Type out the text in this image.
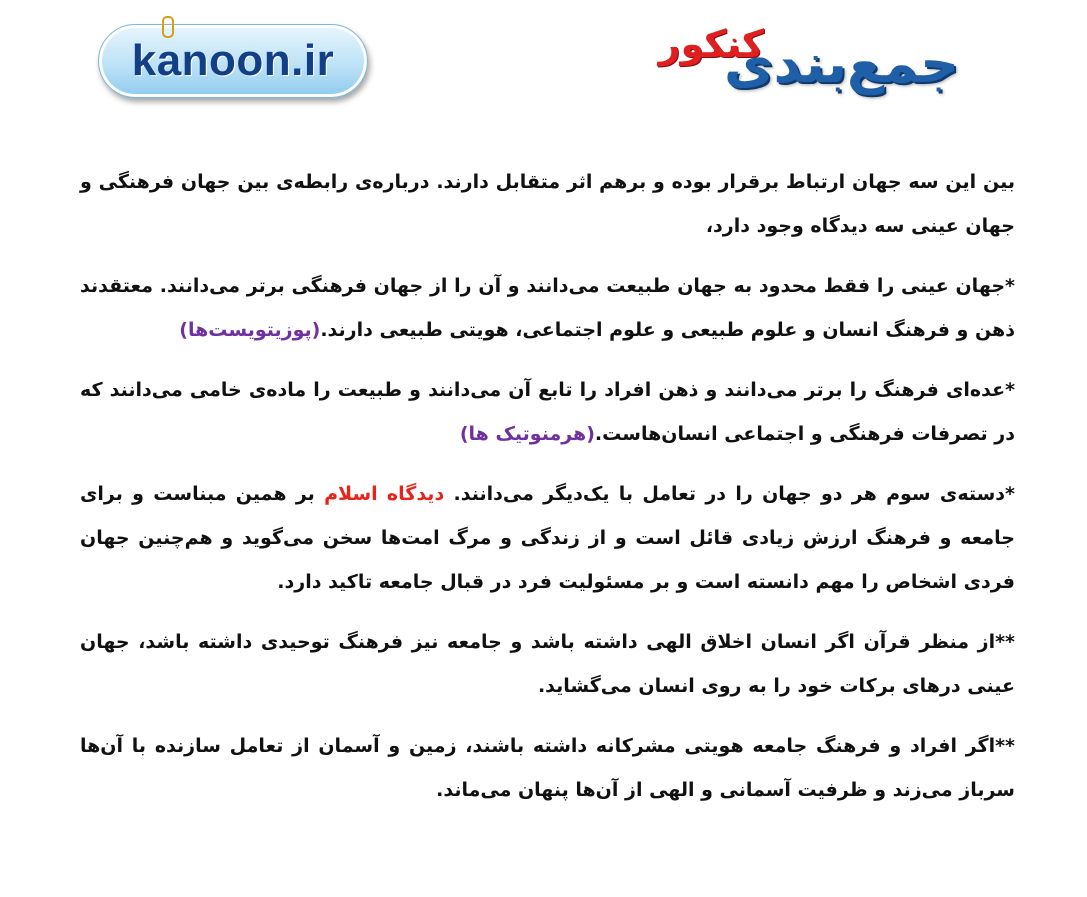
kanoon.ir	جمع‌بندی
کنکور

بین این سه جهان ارتباط برقرار بوده و برهم اثر متقابل دارند. درباره‌ی رابطه‌ی بین جهان فرهنگی و جهان عینی سه دیدگاه وجود دارد،

*جهان عینی را فقط محدود به جهان طبیعت می‌دانند و آن را از جهان فرهنگی برتر می‌دانند. معتقدند ذهن و فرهنگ انسان و علوم طبیعی و علوم اجتماعی، هویتی طبیعی دارند.(پوزیتویست‌ها)

*عده‌ای فرهنگ را برتر می‌دانند و ذهن افراد را تابع آن می‌دانند و طبیعت را ماده‌ی خامی می‌دانند که در تصرفات فرهنگی و اجتماعی انسان‌هاست.(هرمنوتیک ها)

*دسته‌ی سوم هر دو جهان را در تعامل با یک‌دیگر می‌دانند. دیدگاه اسلام بر همین مبناست و برای جامعه و فرهنگ ارزش زیادی قائل است و از زندگی و مرگ امت‌ها سخن می‌گوید و هم‌چنین جهان فردی اشخاص را مهم دانسته است و بر مسئولیت فرد در قبال جامعه تاکید دارد.

**از منظر قرآن اگر انسان اخلاق الهی داشته باشد و جامعه نیز فرهنگ توحیدی داشته باشد، جهان عینی درهای برکات خود را به روی انسان می‌گشاید.

**اگر افراد و فرهنگ جامعه هویتی مشرکانه داشته باشند، زمین و آسمان از تعامل سازنده با آن‌ها سرباز می‌زند و ظرفیت آسمانی و الهی از آن‌ها پنهان می‌ماند.
